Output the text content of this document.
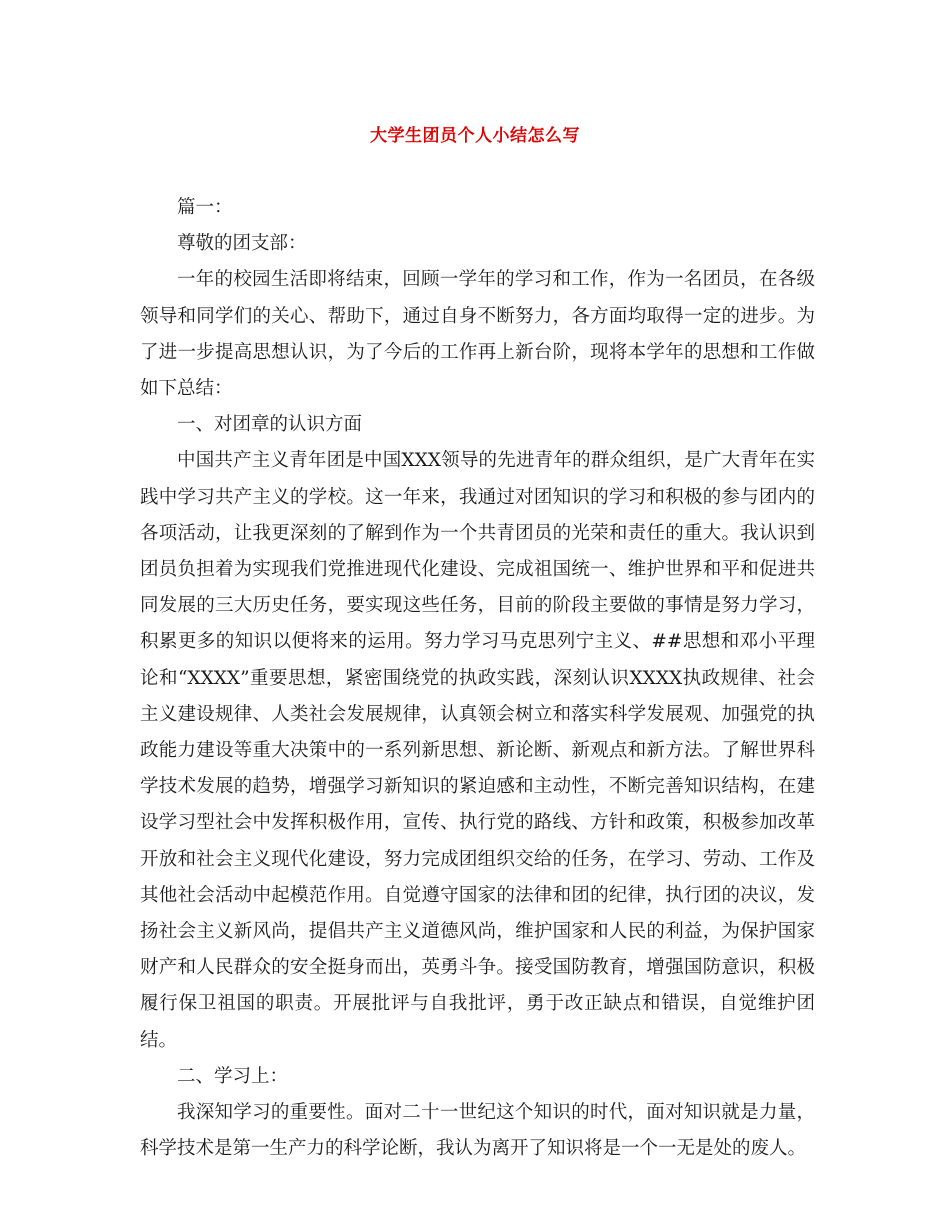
大学生团员个人小结怎么写

篇一：

尊敬的团支部：

一年的校园生活即将结束，回顾一学年的学习和工作，作为一名团员，在各级领导和同学们的关心、帮助下，通过自身不断努力，各方面均取得一定的进步。为了进一步提高思想认识，为了今后的工作再上新台阶，现将本学年的思想和工作做如下总结：

一、对团章的认识方面

中国共产主义青年团是中国XXX领导的先进青年的群众组织，是广大青年在实践中学习共产主义的学校。这一年来，我通过对团知识的学习和积极的参与团内的各项活动，让我更深刻的了解到作为一个共青团员的光荣和责任的重大。我认识到团员负担着为实现我们党推进现代化建设、完成祖国统一、维护世界和平和促进共同发展的三大历史任务，要实现这些任务，目前的阶段主要做的事情是努力学习，积累更多的知识以便将来的运用。努力学习马克思列宁主义、##思想和邓小平理论和“XXXX”重要思想，紧密围绕党的执政实践，深刻认识XXXX执政规律、社会主义建设规律、人类社会发展规律，认真领会树立和落实科学发展观、加强党的执政能力建设等重大决策中的一系列新思想、新论断、新观点和新方法。了解世界科学技术发展的趋势，增强学习新知识的紧迫感和主动性，不断完善知识结构，在建设学习型社会中发挥积极作用，宣传、执行党的路线、方针和政策，积极参加改革开放和社会主义现代化建设，努力完成团组织交给的任务，在学习、劳动、工作及其他社会活动中起模范作用。自觉遵守国家的法律和团的纪律，执行团的决议，发扬社会主义新风尚，提倡共产主义道德风尚，维护国家和人民的利益，为保护国家财产和人民群众的安全挺身而出，英勇斗争。接受国防教育，增强国防意识，积极履行保卫祖国的职责。开展批评与自我批评，勇于改正缺点和错误，自觉维护团结。

二、学习上：

我深知学习的重要性。面对二十一世纪这个知识的时代，面对知识就是力量，科学技术是第一生产力的科学论断，我认为离开了知识将是一个一无是处的废人。
